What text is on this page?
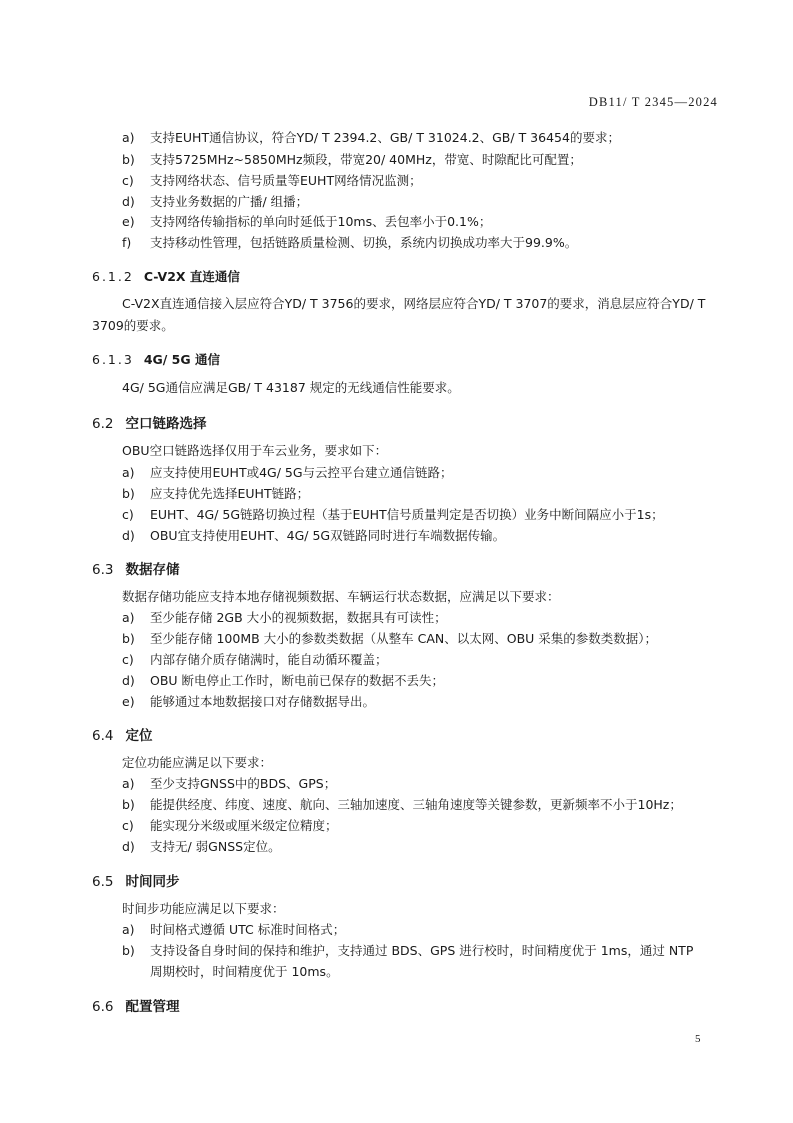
DB11/ T 2345—2024
a) 支持EUHT通信协议，符合YD/ T 2394.2、GB/ T 31024.2、GB/ T 36454的要求；
b) 支持5725MHz~5850MHz频段，带宽20/ 40MHz，带宽、时隙配比可配置；
c) 支持网络状态、信号质量等EUHT网络情况监测；
d) 支持业务数据的广播/ 组播；
e) 支持网络传输指标的单向时延低于10ms、丢包率小于0.1%；
f) 支持移动性管理，包括链路质量检测、切换，系统内切换成功率大于99.9%。
6.1.2 C-V2X 直连通信
C-V2X直连通信接入层应符合YD/ T 3756的要求，网络层应符合YD/ T 3707的要求，消息层应符合YD/ T
3709的要求。
6.1.3 4G/ 5G 通信
4G/ 5G通信应满足GB/ T 43187 规定的无线通信性能要求。
6.2 空口链路选择
OBU空口链路选择仅用于车云业务，要求如下：
a) 应支持使用EUHT或4G/ 5G与云控平台建立通信链路；
b) 应支持优先选择EUHT链路；
c) EUHT、4G/ 5G链路切换过程（基于EUHT信号质量判定是否切换）业务中断间隔应小于1s；
d) OBU宜支持使用EUHT、4G/ 5G双链路同时进行车端数据传输。
6.3 数据存储
数据存储功能应支持本地存储视频数据、车辆运行状态数据，应满足以下要求：
a) 至少能存储 2GB 大小的视频数据，数据具有可读性；
b) 至少能存储 100MB 大小的参数类数据（从整车 CAN、以太网、OBU 采集的参数类数据）；
c) 内部存储介质存储满时，能自动循环覆盖；
d) OBU 断电停止工作时，断电前已保存的数据不丢失；
e) 能够通过本地数据接口对存储数据导出。
6.4 定位
定位功能应满足以下要求：
a) 至少支持GNSS中的BDS、GPS；
b) 能提供经度、纬度、速度、航向、三轴加速度、三轴角速度等关键参数，更新频率不小于10Hz；
c) 能实现分米级或厘米级定位精度；
d) 支持无/ 弱GNSS定位。
6.5 时间同步
时间步功能应满足以下要求：
a) 时间格式遵循 UTC 标准时间格式；
b) 支持设备自身时间的保持和维护，支持通过 BDS、GPS 进行校时，时间精度优于 1ms，通过 NTP
周期校时，时间精度优于 10ms。
6.6 配置管理
5
